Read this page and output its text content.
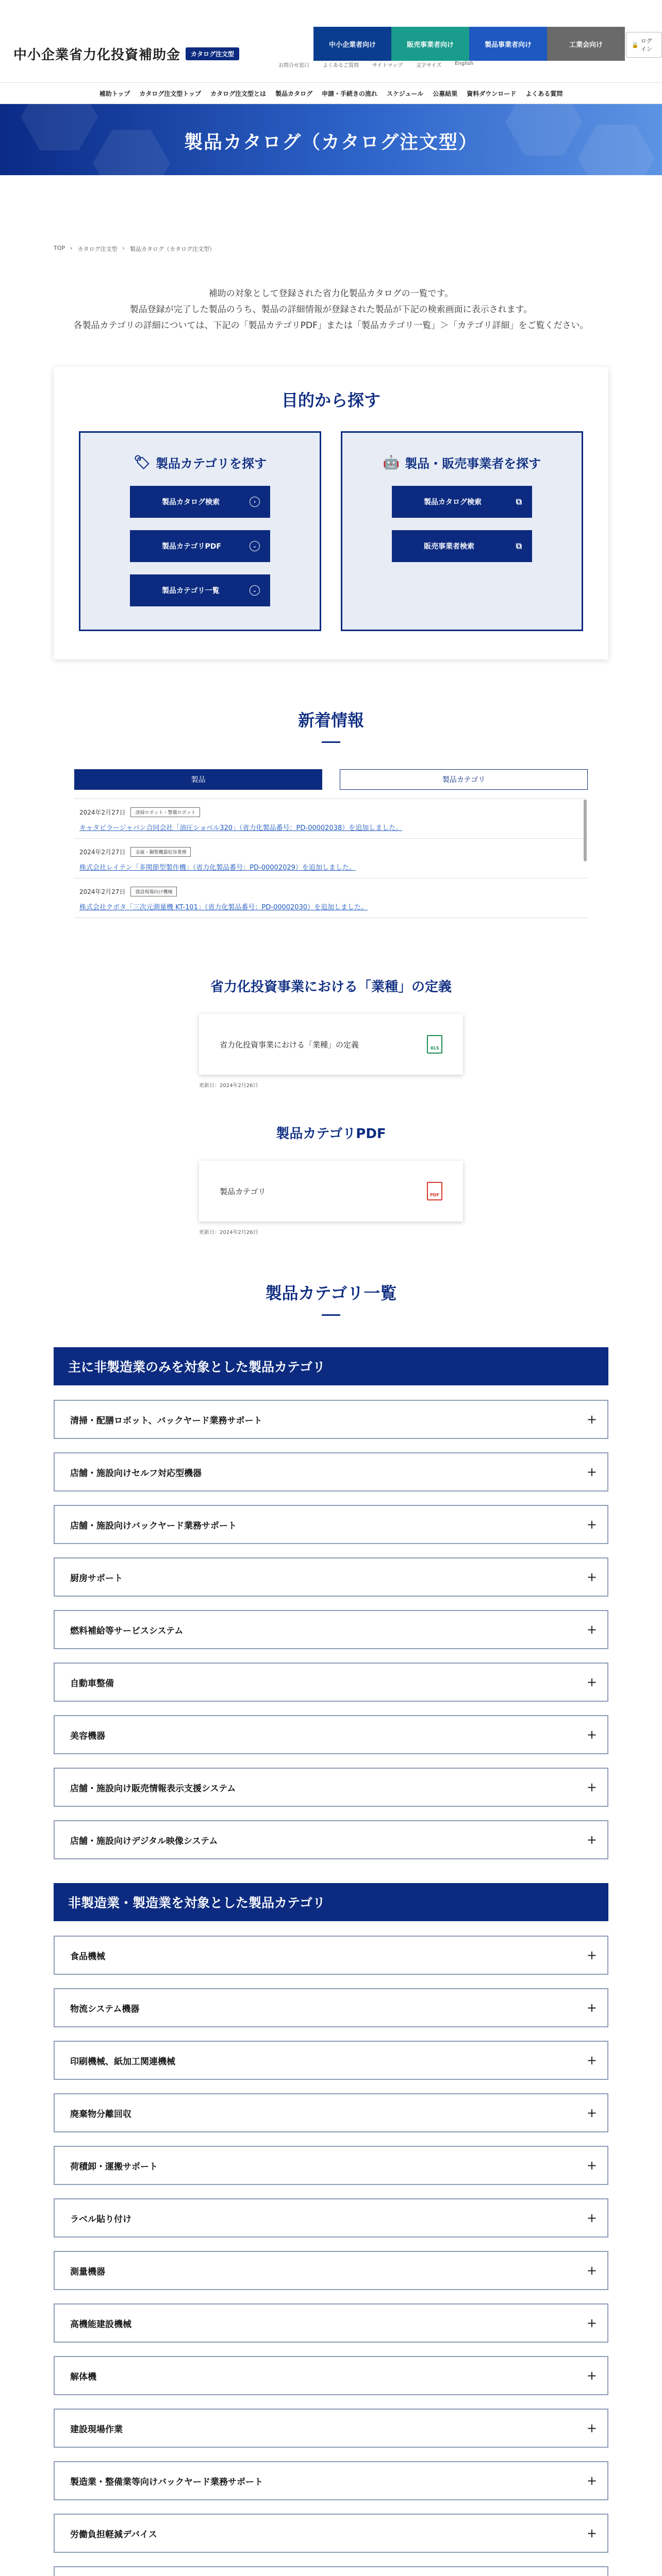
中小企業省力化投資補助金	カタログ注文型
中小企業者向け	販売事業者向け	製品事業者向け	工業会向け	🔒
ログイン
お問合せ窓口	よくあるご質問	サイトマップ	文字サイズ	English
補助トップ カタログ注文型トップ カタログ注文型とは 製品カタログ 申請・手続きの流れ スケジュール 公募結果 資料ダウンロード よくある質問
製品カタログ（カタログ注文型）
TOP › カタログ注文型 › 製品カタログ（カタログ注文型）

補助の対象として登録された省力化製品カタログの一覧です。

製品登録が完了した製品のうち、製品の詳細情報が登録された製品が下記の検索画面に表示されます。

各製品カテゴリの詳細については、下記の「製品カテゴリPDF」または「製品カテゴリ一覧」＞「カテゴリ詳細」をご覧ください。

目的から探す
🏷 製品カテゴリを探す
製品カタログ検索	›
製品カテゴリPDF	⌄
製品カテゴリ一覧	⌄
🤖 製品・販売事業者を探す
製品カタログ検索	⧉
販売事業者検索	⧉
新着情報
製品	製品カテゴリ
2024年2月27日	清掃ロボット・警備ロボット
キャタピラージャパン合同会社「油圧ショベル320」（省力化製品番号：PD-00002038）を追加しました。
2024年2月27日	金属・鋼製機器収容業務
株式会社レイテン「多関節型製作機」（省力化製品番号：PD-00002029）を追加しました。
2024年2月27日	建設現場向け機械
株式会社クボタ「三次元測量機 KT-101」（省力化製品番号：PD-00002030）を追加しました。
省力化投資事業における「業種」の定義
省力化投資事業における「業種」の定義	XLS
更新日：2024年2月26日
製品カテゴリPDF
製品カテゴリ	PDF
更新日：2024年2月26日
製品カテゴリ一覧
主に非製造業のみを対象とした製品カテゴリ
清掃・配膳ロボット、バックヤード業務サポート	+
店舗・施設向けセルフ対応型機器	+
店舗・施設向けバックヤード業務サポート	+
厨房サポート	+
燃料補給等サービスシステム	+
自動車整備	+
美容機器	+
店舗・施設向け販売情報表示支援システム	+
店舗・施設向けデジタル映像システム	+
非製造業・製造業を対象とした製品カテゴリ
食品機械	+
物流システム機器	+
印刷機械、紙加工関連機械	+
廃棄物分離回収	+
荷積卸・運搬サポート	+
ラベル貼り付け	+
測量機器	+
高機能建設機械	+
解体機	+
建設現場作業	+
製造業・整備業等向けバックヤード業務サポート	+
労働負担軽減デバイス	+
